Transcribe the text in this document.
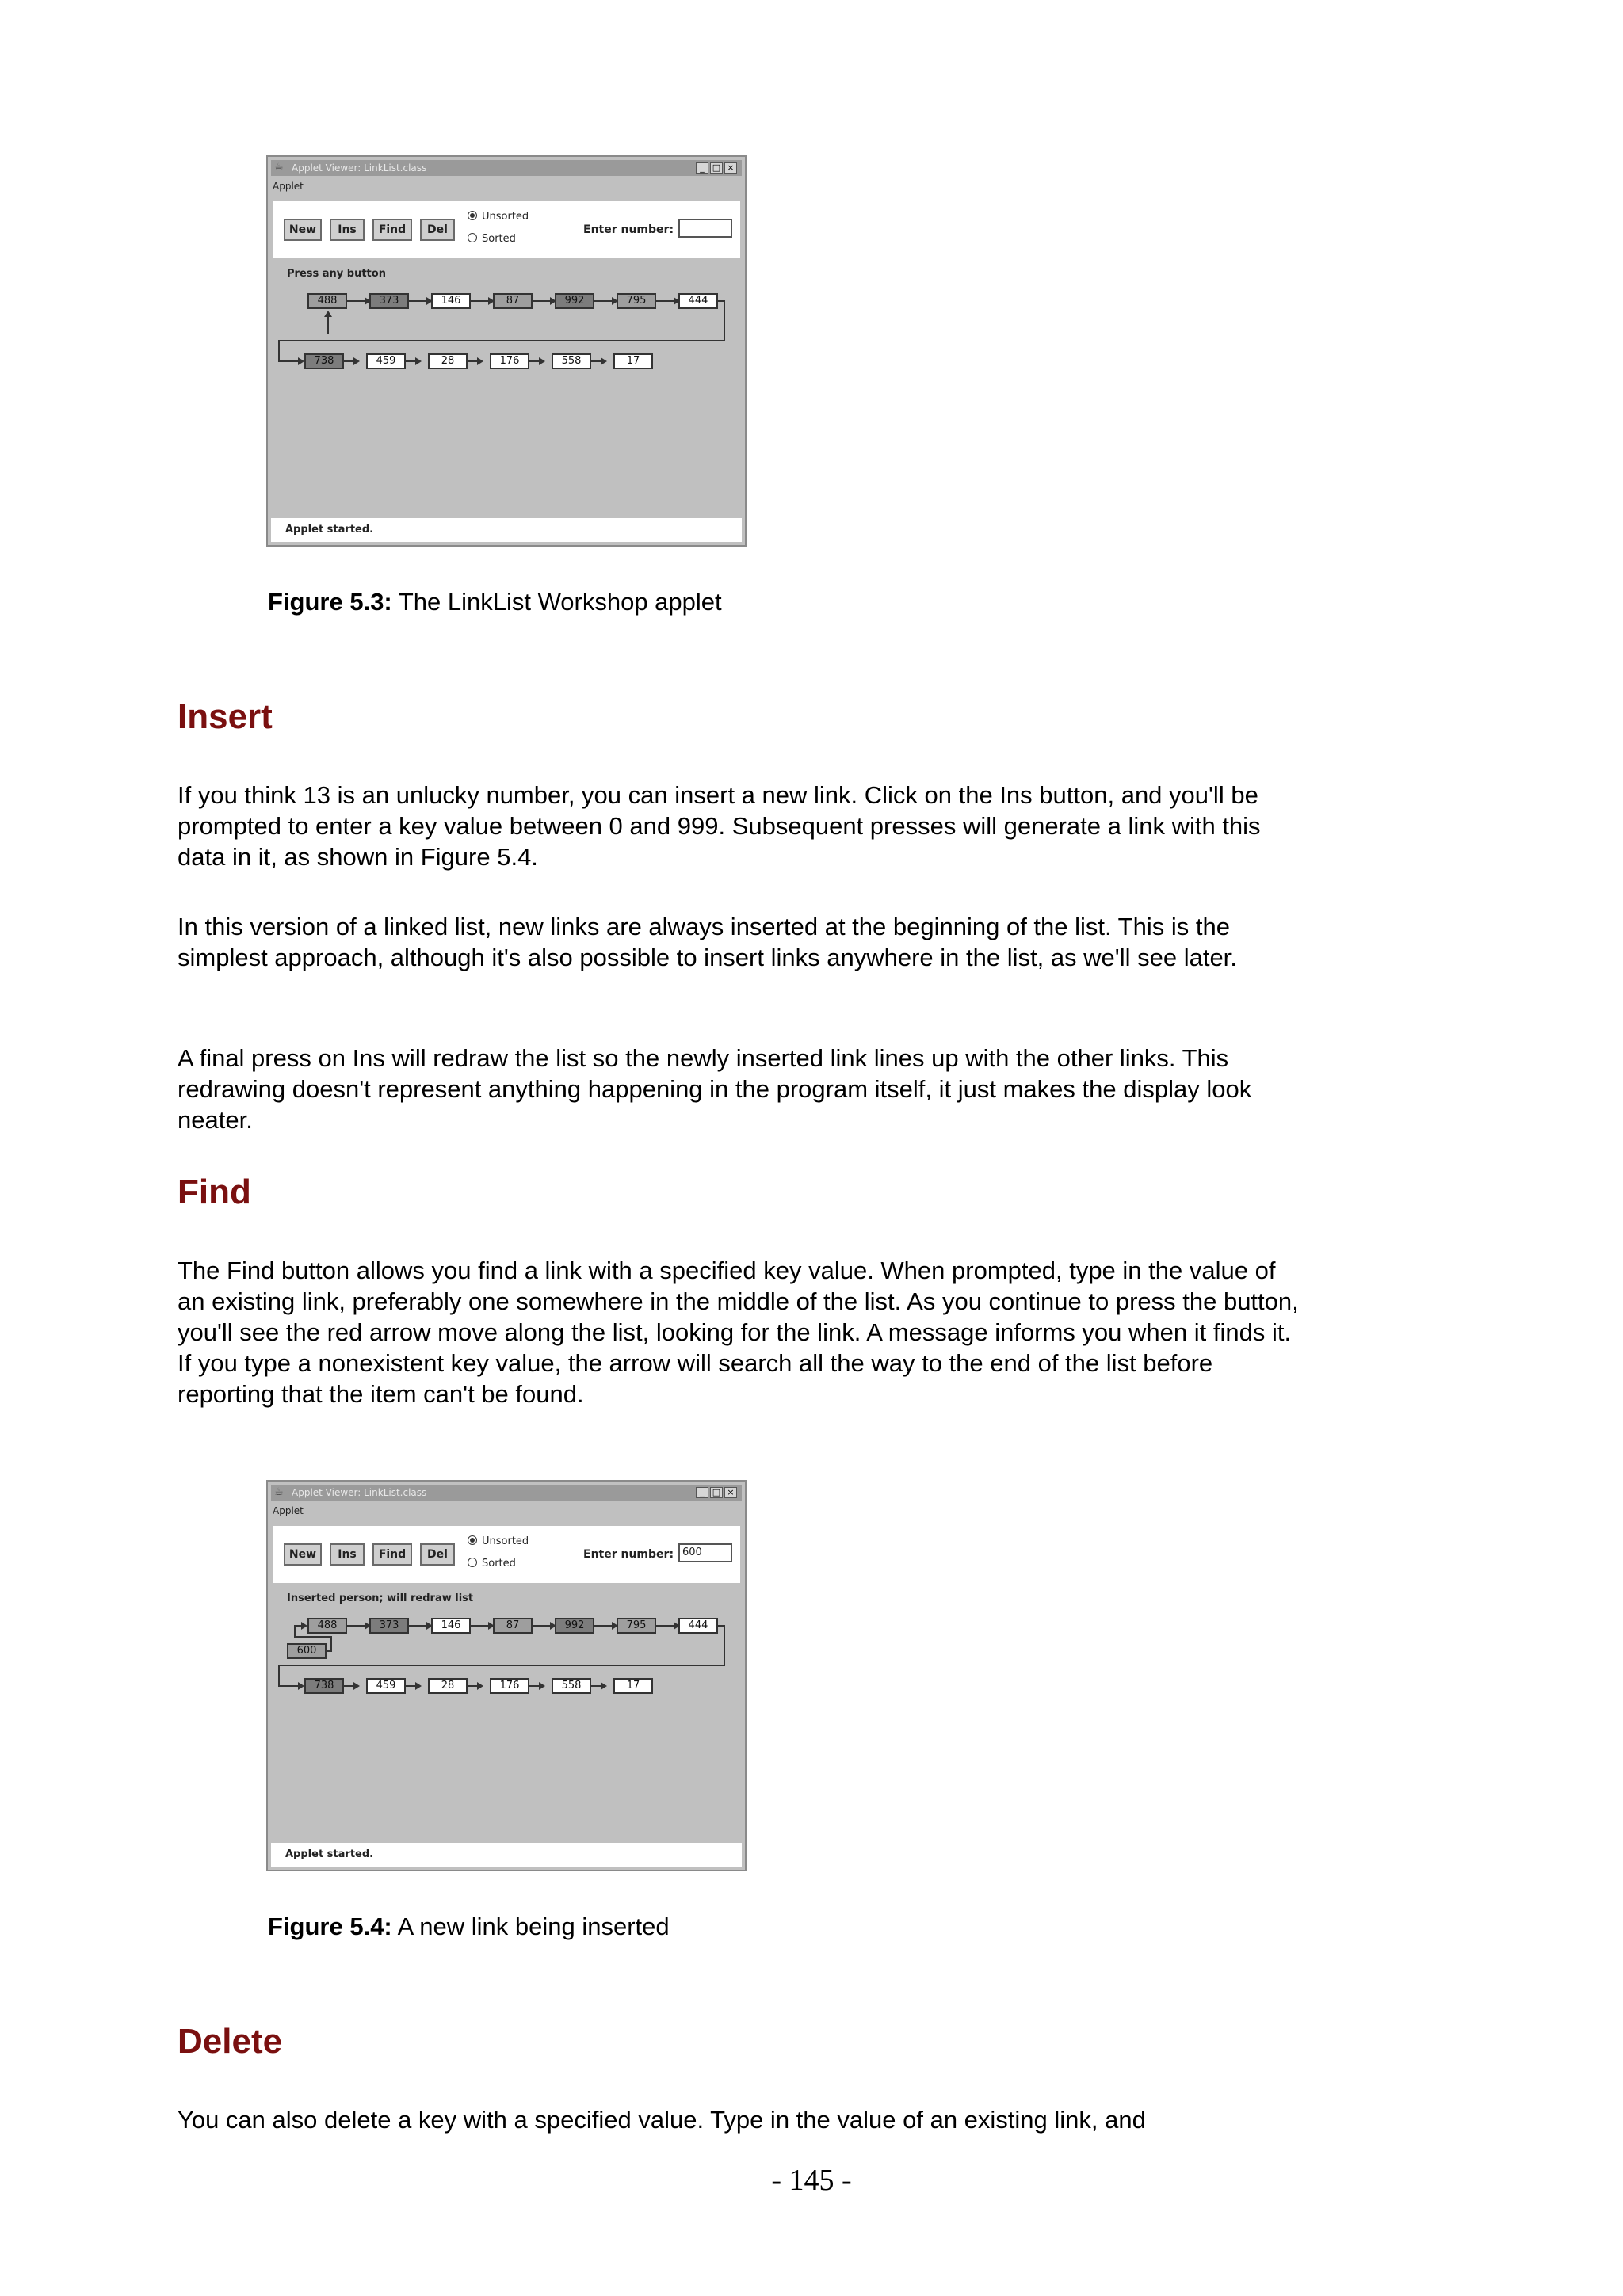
☕ Applet Viewer: LinkList.class	_ □ ×
Applet
New	Ins	Find	Del
Unsorted
Sorted
Enter number:
Press any button
488	373	146	87	992	795	444
738	459	28	176	558	17
Applet started.

Figure 5.3: The LinkList Workshop applet

Insert

If you think 13 is an unlucky number, you can insert a new link. Click on the Ins button, and you'll be prompted to enter a key value between 0 and 999. Subsequent presses will generate a link with this data in it, as shown in Figure 5.4.

In this version of a linked list, new links are always inserted at the beginning of the list. This is the simplest approach, although it's also possible to insert links anywhere in the list, as we'll see later.

A final press on Ins will redraw the list so the newly inserted link lines up with the other links. This redrawing doesn't represent anything happening in the program itself, it just makes the display look neater.

Find

The Find button allows you find a link with a specified key value. When prompted, type in the value of an existing link, preferably one somewhere in the middle of the list. As you continue to press the button, you'll see the red arrow move along the list, looking for the link. A message informs you when it finds it. If you type a nonexistent key value, the arrow will search all the way to the end of the list before reporting that the item can't be found.

☕ Applet Viewer: LinkList.class	_ □ ×
Applet
New	Ins	Find	Del
Unsorted
Sorted
Enter number: 600
Inserted person; will redraw list
488	373	146	87	992	795	444
600
738	459	28	176	558	17
Applet started.

Figure 5.4: A new link being inserted

Delete

You can also delete a key with a specified value. Type in the value of an existing link, and

- 145 -
